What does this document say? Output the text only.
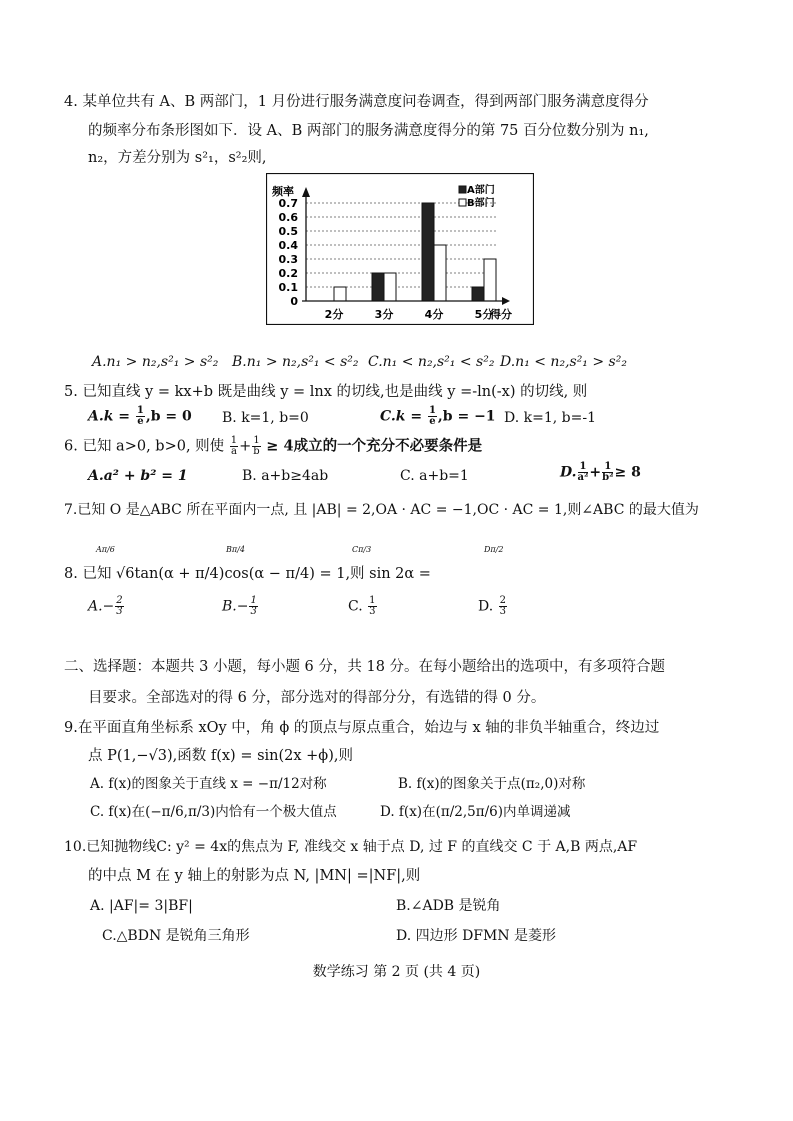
4. 某单位共有 A、B 两部门，1 月份进行服务满意度问卷调查，得到两部门服务满意度得分
的频率分布条形图如下．设 A、B 两部门的服务满意度得分的第 75 百分位数分别为 n₁,
n₂，方差分别为 s²₁，s²₂则,
0
0.1
0.2
0.3
0.4
0.5
0.6
0.7
2分	3分	4分	5分
频率
得分
A部门
B部门
A.n₁ > n₂,s²₁ > s²₂ B.n₁ > n₂,s²₁ < s²₂ C.n₁ < n₂,s²₁ < s²₂ D.n₁ < n₂,s²₁ > s²₂
5. 已知直线 y = kx+b 既是曲线 y = lnx 的切线,也是曲线 y =-ln(-x) 的切线, 则
$A.k = \frac{1}{e} ,b = 0$ B. k=1, b=0	$C.k = \frac{1}{e} ,b = -1$ D. k=1, b=-1
6. 已知 a>0, b>0, 则使 $\frac{1}{a} + \frac{1}{b} \ge 4$成立的一个充分不必要条件是
A.a² + b² = 1	B. a+b≥4ab	C. a+b=1	D. $\frac{1}{\text{a²}} + \frac{1}{\text{b²}} \ge 8$
7.已知 O 是△ABC 所在平面内一点, 且 |AB| = 2,OA · AC = −1,OC · AC = 1,则∠ABC 的最大值为
Aπ/6	Bπ/4	Cπ/3	Dπ/2
8. 已知 √6tan(α + π/4)cos(α − π/4) = 1,则 sin 2α =
$A.- \frac{2}{3}$	$B.- \frac{1}{3}$	C. $\frac{1}{3}$	D. $\frac{2}{3}$
二、选择题：本题共 3 小题，每小题 6 分，共 18 分。在每小题给出的选项中，有多项符合题
目要求。全部选对的得 6 分，部分选对的得部分分，有选错的得 0 分。
9.在平面直角坐标系 xOy 中，角 ϕ 的顶点与原点重合，始边与 x 轴的非负半轴重合，终边过
点 P(1,−√3),函数 f(x) = sin(2x +ϕ),则
A. f(x)的图象关于直线 x = −π/12对称	B. f(x)的图象关于点(π₂,0)对称
C. f(x)在(−π/6,π/3)内恰有一个极大值点	D. f(x)在(π/2,5π/6)内单调递减
10.已知抛物线C: y² = 4x的焦点为 F, 准线交 x 轴于点 D, 过 F 的直线交 C 于 A,B 两点,AF
的中点 M 在 y 轴上的射影为点 N, |MN| =|NF|,则
A. |AF|= 3|BF|	B.∠ADB 是锐角
C.△BDN 是锐角三角形	D. 四边形 DFMN 是菱形
数学练习 第 2 页 (共 4 页)
